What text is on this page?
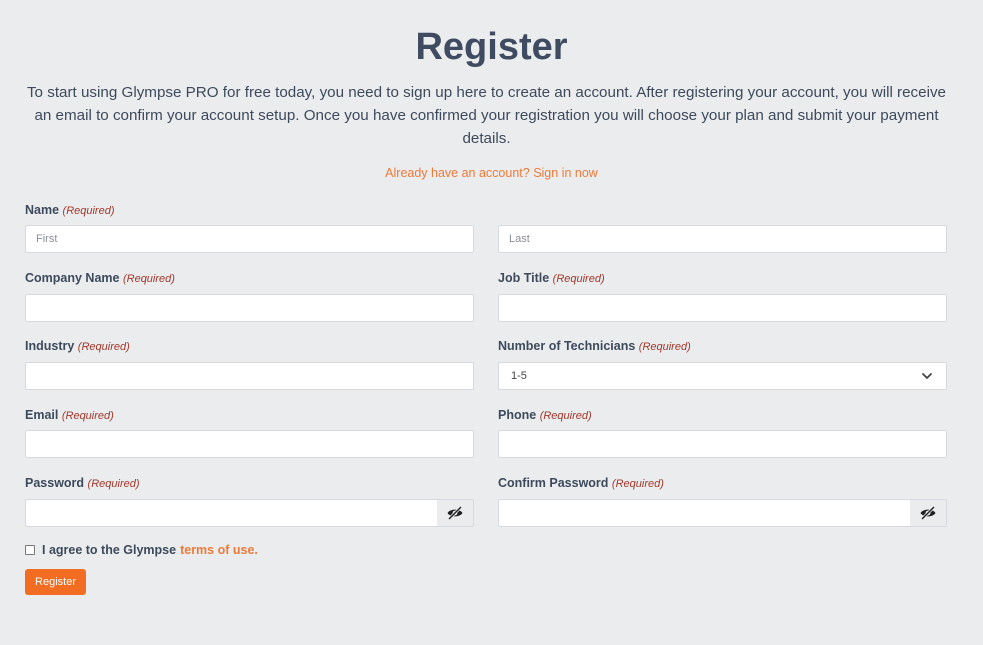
Register

To start using Glympse PRO for free today, you need to sign up here to create an account. After registering your account, you will receive an email to confirm your account setup. Once you have confirmed your registration you will choose your plan and submit your payment details.

Already have an account? Sign in now
Name (Required)
First
Last
Company Name (Required)	Job Title (Required)
Industry (Required)	Number of Technicians (Required)
1-5
Email (Required)	Phone (Required)
Password (Required)	Confirm Password (Required)
I agree to the Glympse terms of use.
Register
